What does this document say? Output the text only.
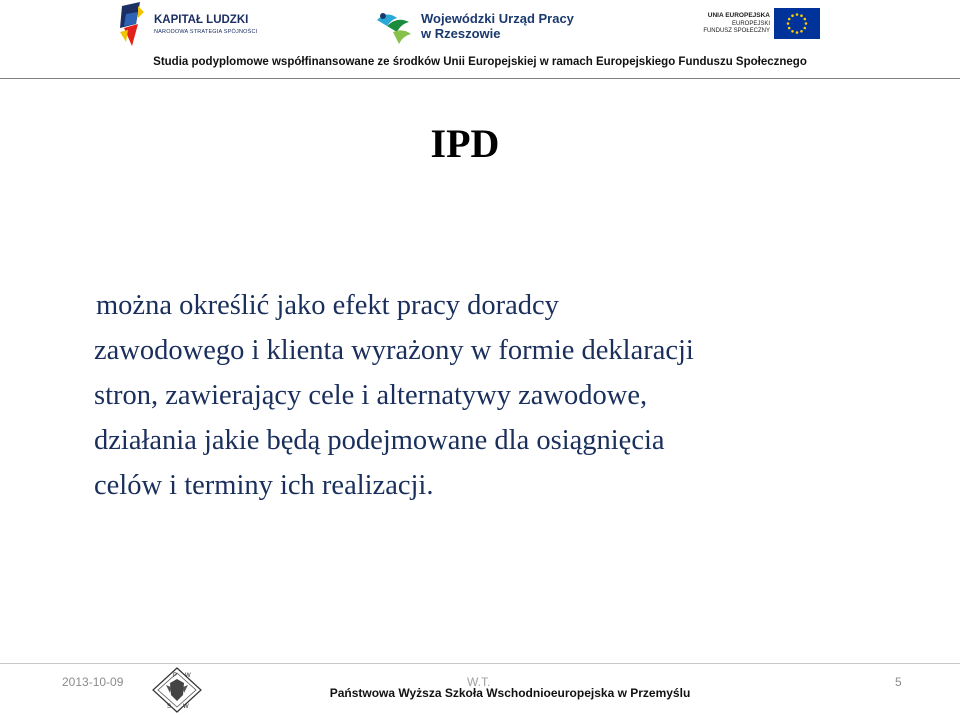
KAPITAŁ LUDZKI
NARODOWA STRATEGIA SPÓJNOŚCI
Wojewódzki Urząd Pracy
w Rzeszowie
UNIA EUROPEJSKA
EUROPEJSKI
FUNDUSZ SPOŁECZNY
Studia podyplomowe współfinansowane ze środków Unii Europejskiej w ramach Europejskiego Funduszu Społecznego
IPD
można określić jako efekt pracy doradcy
zawodowego i klienta wyrażony w formie deklaracji
stron, zawierający cele i alternatywy zawodowe,
działania jakie będą podejmowane dla osiągnięcia
celów i terminy ich realizacji.
2013-10-09	P W
S W
W.T.
Państwowa Wyższa Szkoła Wschodnioeuropejska w Przemyślu
5
